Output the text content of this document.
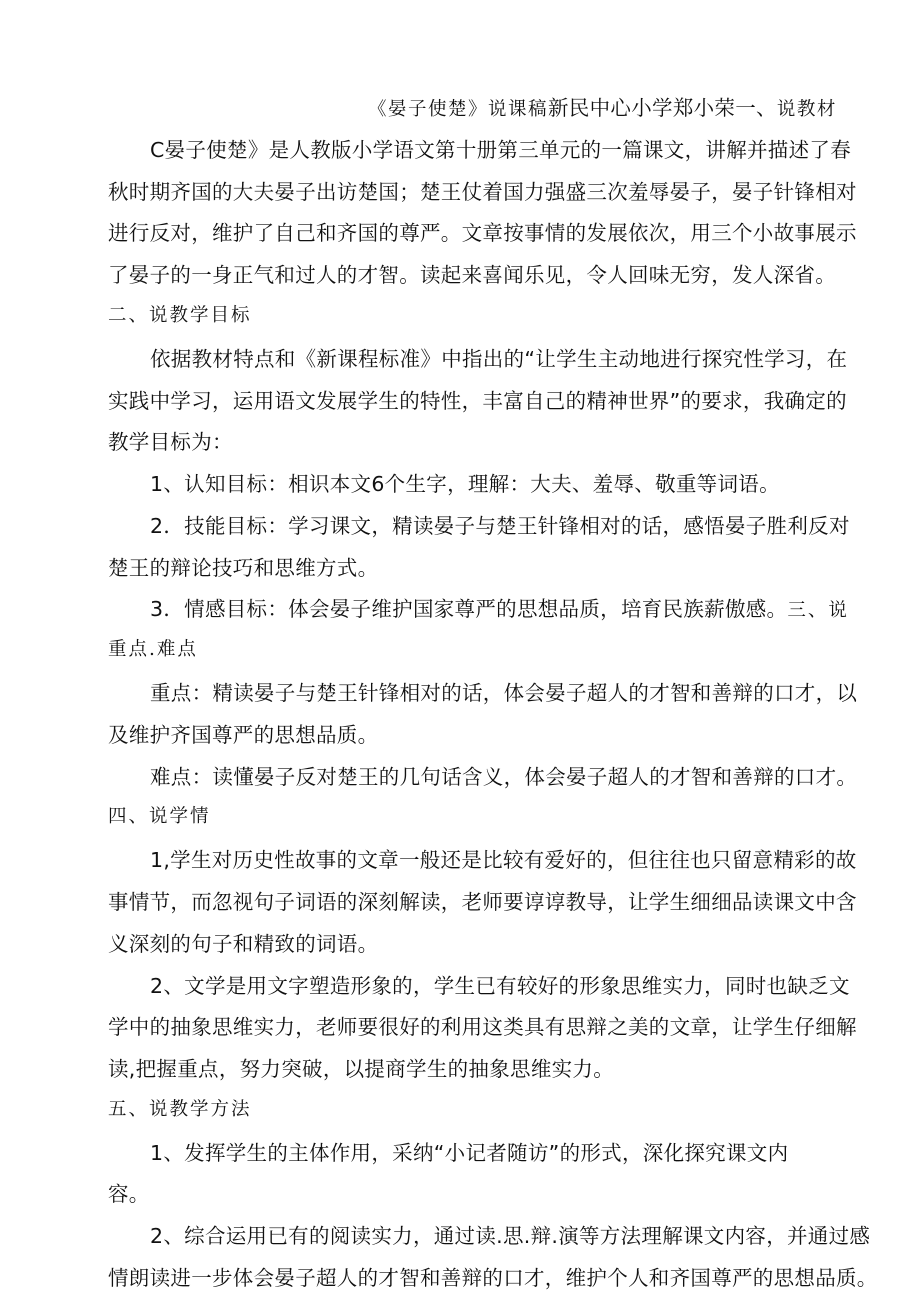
《晏子使楚》说课稿新民中心小学郑小荣一、说教材
C晏子使楚》是人教版小学语文第十册第三单元的一篇课文，讲解并描述了春
秋时期齐国的大夫晏子出访楚国；楚王仗着国力强盛三次羞辱晏子，晏子针锋相对
进行反对，维护了自己和齐国的尊严。文章按事情的发展依次，用三个小故事展示
了晏子的一身正气和过人的才智。读起来喜闻乐见，令人回味无穷，发人深省。
二、说教学目标
依据教材特点和《新课程标准》中指出的“让学生主动地进行探究性学习，在
实践中学习，运用语文发展学生的特性，丰富自己的精神世界”的要求，我确定的
教学目标为：
1、认知目标：相识本文6个生字，理解：大夫、羞辱、敬重等词语。
2．技能目标：学习课文，精读晏子与楚王针锋相对的话，感悟晏子胜利反对
楚王的辩论技巧和思维方式。
3．情感目标：体会晏子维护国家尊严的思想品质，培育民族薪傲感。三、说
重点.难点
重点：精读晏子与楚王针锋相对的话，体会晏子超人的才智和善辩的口才，以
及维护齐国尊严的思想品质。
难点：读懂晏子反对楚王的几句话含义，体会晏子超人的才智和善辩的口才。
四、说学情
1,学生对历史性故事的文章一般还是比较有爱好的，但往往也只留意精彩的故
事情节，而忽视句子词语的深刻解读，老师要谆谆教导，让学生细细品读课文中含
义深刻的句子和精致的词语。
2、文学是用文字塑造形象的，学生已有较好的形象思维实力，同时也缺乏文
学中的抽象思维实力，老师要很好的利用这类具有思辩之美的文章，让学生仔细解
读,把握重点，努力突破，以提商学生的抽象思维实力。
五、说教学方法
1、发挥学生的主体作用，采纳“小记者随访”的形式，深化探究课文内
容。
2、综合运用已有的阅读实力，通过读.思.辩.演等方法理解课文内容，并通过感
情朗读进一步体会晏子超人的才智和善辩的口才，维护个人和齐国尊严的思想品质。
